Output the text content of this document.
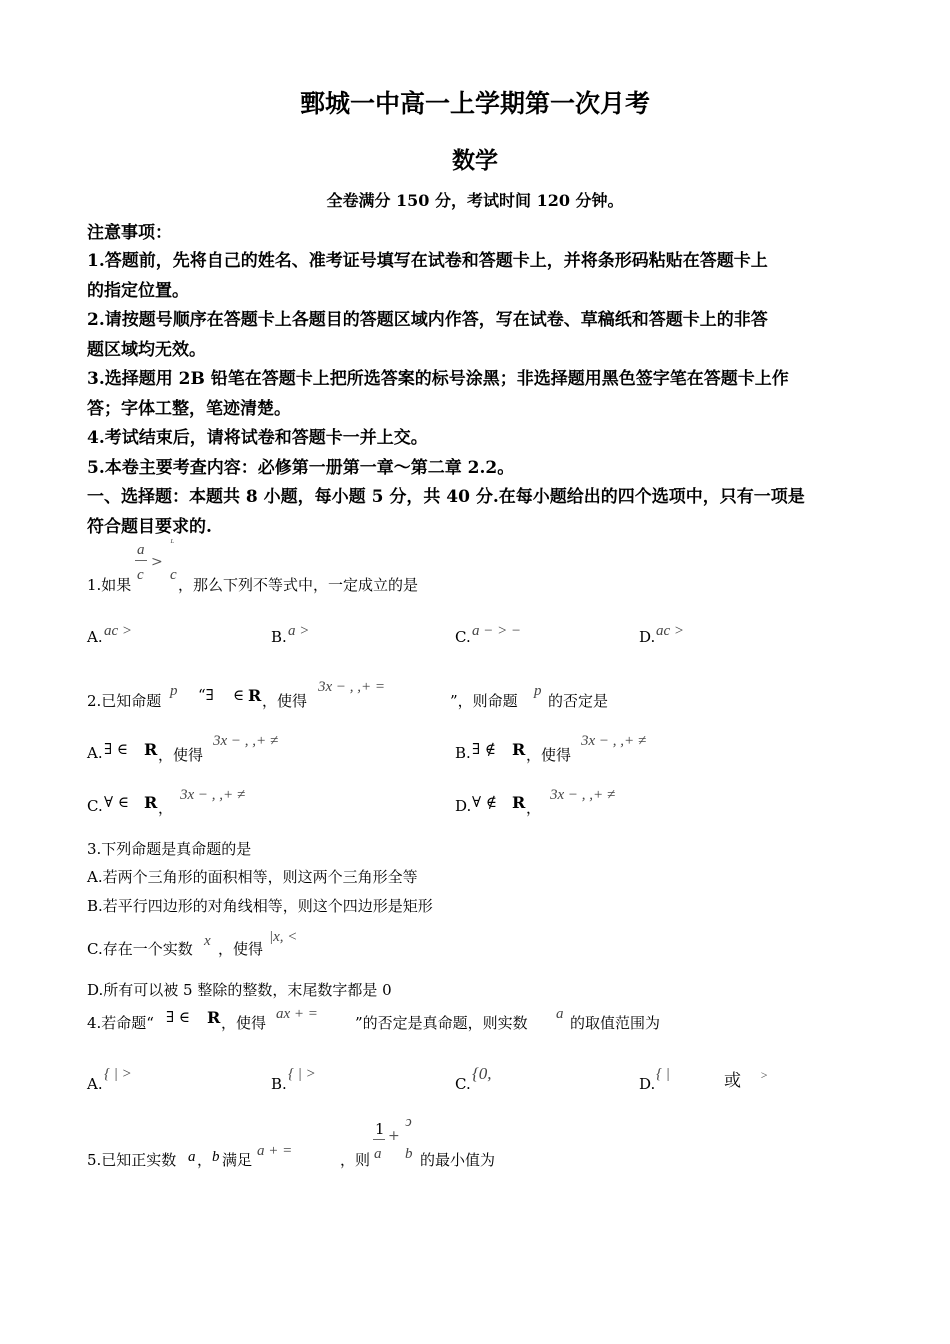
鄄城一中高一上学期第一次月考
数学
全卷满分 150 分，考试时间 120 分钟。
注意事项：
1.答题前，先将自己的姓名、准考证号填写在试卷和答题卡上，并将条形码粘贴在答题卡上
的指定位置。
2.请按题号顺序在答题卡上各题目的答题区域内作答，写在试卷、草稿纸和答题卡上的非答
题区域均无效。
3.选择题用 2B 铅笔在答题卡上把所选答案的标号涂黑；非选择题用黑色签字笔在答题卡上作
答；字体工整，笔迹清楚。
4.考试结束后，请将试卷和答题卡一并上交。
5.本卷主要考查内容：必修第一册第一章～第二章 2.2。
一、选择题：本题共 8 小题，每小题 5 分，共 40 分.在每小题给出的四个选项中，只有一项是
符合题目要求的.
a
>
ᴸ
1.如果
c c
，那么下列不等式中，一定成立的是
A. ac >	B. a >	C. a − > −	D. ac >
2.已知命题
p “∃ ∈ R ，使得
3x − , ,+ =
”，则命题
p
的否定是
A. ∃ ∈ R ，使得
3x − , ,+ ≠
B. ∃ ∉ R ，使得
3x − , ,+ ≠
C. ∀ ∈ R ，
3x − , ,+ ≠
D. ∀ ∉ R ，
3x − , ,+ ≠
3.下列命题是真命题的是
A.若两个三角形的面积相等，则这两个三角形全等
B.若平行四边形的对角线相等，则这个四边形是矩形
C.存在一个实数 x ，使得
|x, <
D.所有可以被 5 整除的整数，末尾数字都是 0
4.若命题“ ∃ ∈ R ，使得 ax + = ”的否定是真命题，则实数 a 的取值范围为
A.
{ | >
B.
{ | >
C.
{0,
D.
{ |	或 >
1 +
ↄ
5.已知正实数 a ， b 满足 a + =	，则 a b 的最小值为
